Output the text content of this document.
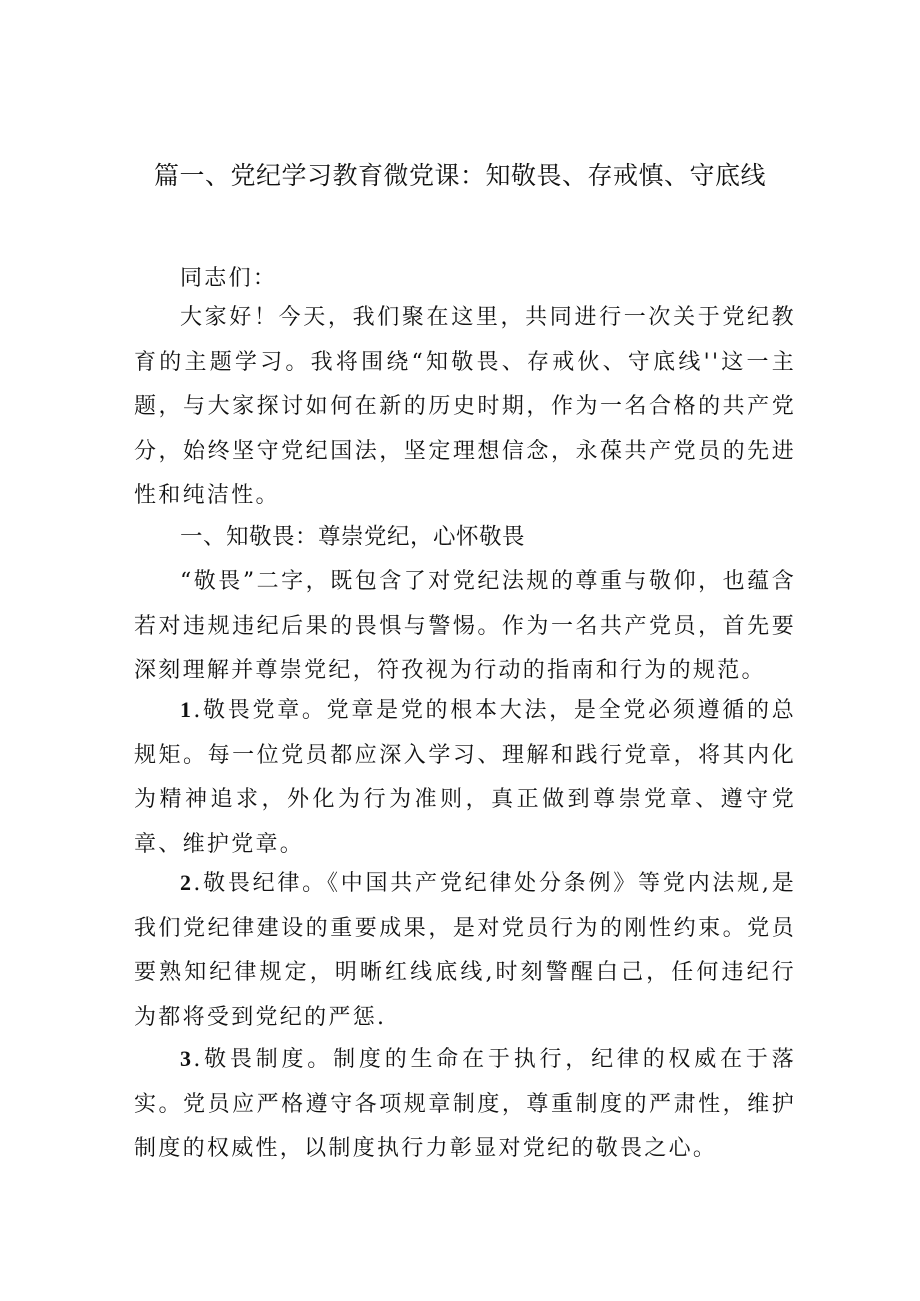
篇一、党纪学习教育微党课：知敬畏、存戒慎、守底线

同志们：

大家好！今天，我们聚在这里，共同进行一次关于党纪教育的主题学习。我将围绕“知敬畏、存戒伙、守底线''这一主题，与大家探讨如何在新的历史时期，作为一名合格的共产党分，始终坚守党纪国法，坚定理想信念，永葆共产党员的先进性和纯洁性。

一、知敬畏：尊崇党纪，心怀敬畏

“敬畏”二字，既包含了对党纪法规的尊重与敬仰，也蕴含若对违规违纪后果的畏惧与警惕。作为一名共产党员，首先要深刻理解并尊崇党纪，符孜视为行动的指南和行为的规范。

1.敬畏党章。党章是党的根本大法，是全党必须遵循的总规矩。每一位党员都应深入学习、理解和践行党章，将其内化为精神追求，外化为行为准则，真正做到尊崇党章、遵守党章、维护党章。

2.敬畏纪律。《中国共产党纪律处分条例》等党内法规,是我们党纪律建设的重要成果，是对党员行为的刚性约束。党员要熟知纪律规定，明晰红线底线,时刻警醒白己，任何违纪行为都将受到党纪的严惩.

3.敬畏制度。制度的生命在于执行，纪律的权威在于落实。党员应严格遵守各项规章制度，尊重制度的严肃性，维护制度的权威性，以制度执行力彰显对党纪的敬畏之心。
